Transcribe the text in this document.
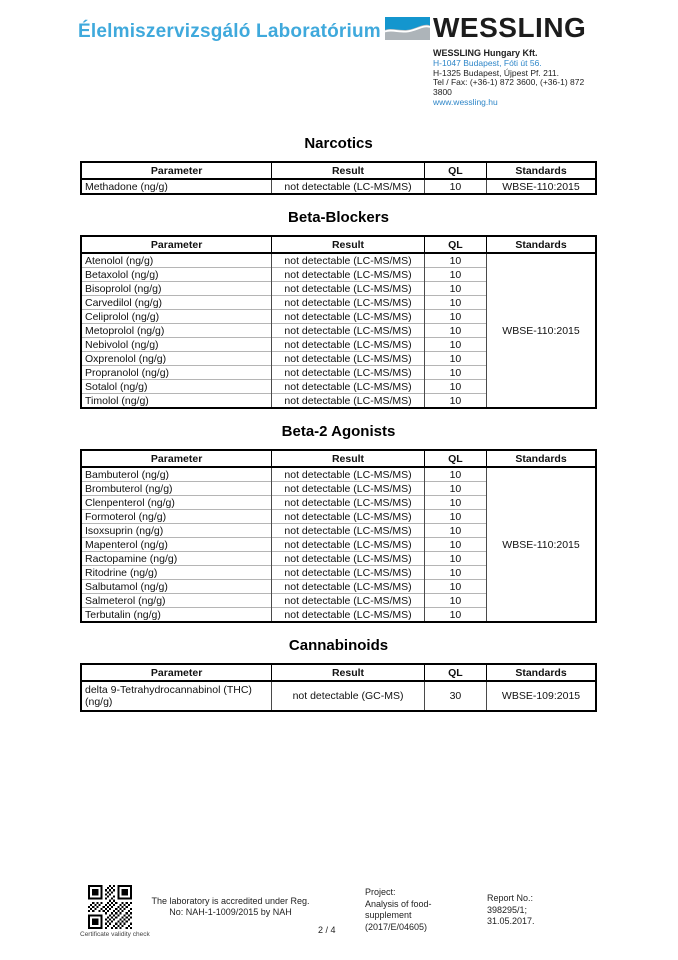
Élelmiszervizsgáló Laboratórium WESSLING
WESSLING Hungary Kft.
H-1047 Budapest, Fóti út 56.
H-1325 Budapest, Újpest Pf. 211.
Tel / Fax: (+36-1) 872 3600, (+36-1) 872 3800
www.wessling.hu
Narcotics
Parameter	Result	QL	Standards
Methadone (ng/g)	not detectable (LC-MS/MS)	10	WBSE-110:2015
Beta-Blockers
Parameter	Result	QL	Standards
Atenolol (ng/g)	not detectable (LC-MS/MS)	10	WBSE-110:2015
Betaxolol (ng/g)	not detectable (LC-MS/MS)	10	
Bisoprolol (ng/g)	not detectable (LC-MS/MS)	10	
Carvedilol (ng/g)	not detectable (LC-MS/MS)	10	
Celiprolol (ng/g)	not detectable (LC-MS/MS)	10	
Metoprolol (ng/g)	not detectable (LC-MS/MS)	10	
Nebivolol (ng/g)	not detectable (LC-MS/MS)	10	
Oxprenolol (ng/g)	not detectable (LC-MS/MS)	10	
Propranolol (ng/g)	not detectable (LC-MS/MS)	10	
Sotalol (ng/g)	not detectable (LC-MS/MS)	10	
Timolol (ng/g)	not detectable (LC-MS/MS)	10	
Beta-2 Agonists
Parameter	Result	QL	Standards
Bambuterol (ng/g)	not detectable (LC-MS/MS)	10	WBSE-110:2015
Brombuterol (ng/g)	not detectable (LC-MS/MS)	10	
Clenpenterol (ng/g)	not detectable (LC-MS/MS)	10	
Formoterol (ng/g)	not detectable (LC-MS/MS)	10	
Isoxsuprin (ng/g)	not detectable (LC-MS/MS)	10	
Mapenterol (ng/g)	not detectable (LC-MS/MS)	10	
Ractopamine (ng/g)	not detectable (LC-MS/MS)	10	
Ritodrine (ng/g)	not detectable (LC-MS/MS)	10	
Salbutamol (ng/g)	not detectable (LC-MS/MS)	10	
Salmeterol (ng/g)	not detectable (LC-MS/MS)	10	
Terbutalin (ng/g)	not detectable (LC-MS/MS)	10	
Cannabinoids
Parameter	Result	QL	Standards
delta 9-Tetrahydrocannabinol (THC) (ng/g)	not detectable (GC-MS)	30	WBSE-109:2015
Certificate validity check
The laboratory is accredited under Reg.
No: NAH-1-1009/2015 by NAH
2 / 4
Project:
Analysis of food-
supplement
(2017/E/04605)
Report No.:
398295/1;
31.05.2017.
